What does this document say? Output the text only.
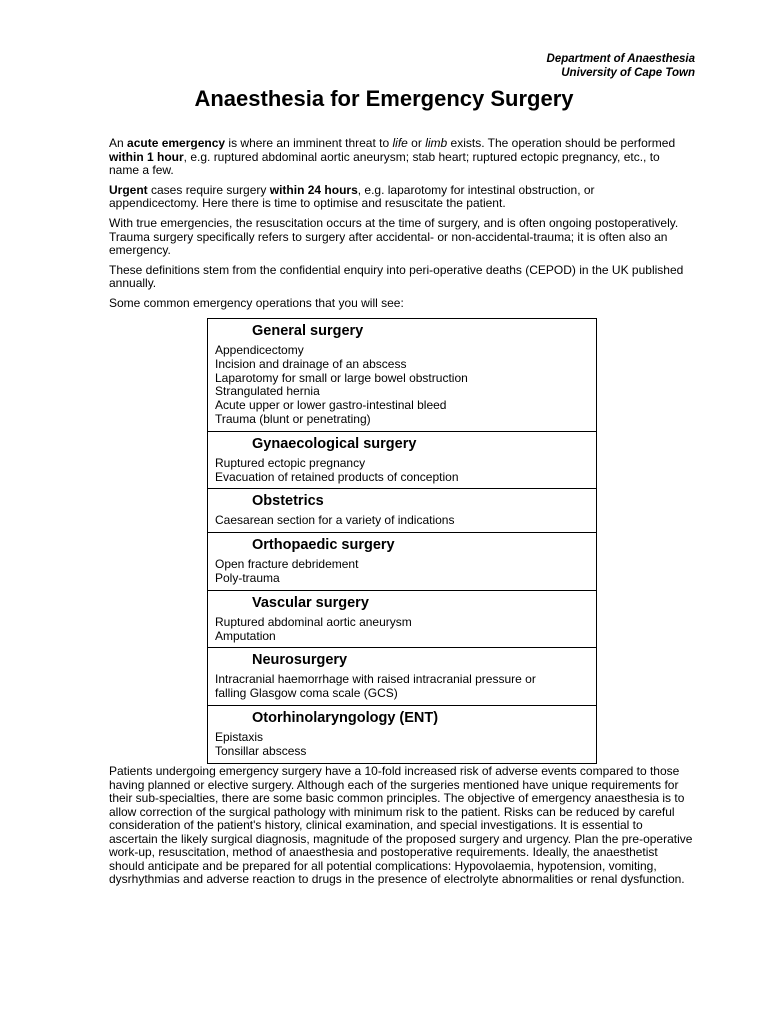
Department of Anaesthesia
University of Cape Town
Anaesthesia for Emergency Surgery

An acute emergency is where an imminent threat to life or limb exists. The operation should be performed within 1 hour, e.g. ruptured abdominal aortic aneurysm; stab heart; ruptured ectopic pregnancy, etc., to name a few.

Urgent cases require surgery within 24 hours, e.g. laparotomy for intestinal obstruction, or appendicectomy. Here there is time to optimise and resuscitate the patient.

With true emergencies, the resuscitation occurs at the time of surgery, and is often ongoing postoperatively. Trauma surgery specifically refers to surgery after accidental- or non-accidental-trauma; it is often also an emergency.

These definitions stem from the confidential enquiry into peri-operative deaths (CEPOD) in the UK published annually.

Some common emergency operations that you will see:

General surgery
Appendicectomy
Incision and drainage of an abscess
Laparotomy for small or large bowel obstruction
Strangulated hernia
Acute upper or lower gastro-intestinal bleed
Trauma (blunt or penetrating)
Gynaecological surgery
Ruptured ectopic pregnancy
Evacuation of retained products of conception
Obstetrics
Caesarean section for a variety of indications
Orthopaedic surgery
Open fracture debridement
Poly-trauma
Vascular surgery
Ruptured abdominal aortic aneurysm
Amputation
Neurosurgery
Intracranial haemorrhage with raised intracranial pressure or
falling Glasgow coma scale (GCS)
Otorhinolaryngology (ENT)
Epistaxis
Tonsillar abscess

Patients undergoing emergency surgery have a 10-fold increased risk of adverse events compared to those having planned or elective surgery. Although each of the surgeries mentioned have unique requirements for their sub-specialties, there are some basic common principles. The objective of emergency anaesthesia is to allow correction of the surgical pathology with minimum risk to the patient. Risks can be reduced by careful consideration of the patient's history, clinical examination, and special investigations. It is essential to ascertain the likely surgical diagnosis, magnitude of the proposed surgery and urgency. Plan the pre-operative work-up, resuscitation, method of anaesthesia and postoperative requirements. Ideally, the anaesthetist should anticipate and be prepared for all potential complications: Hypovolaemia, hypotension, vomiting, dysrhythmias and adverse reaction to drugs in the presence of electrolyte abnormalities or renal dysfunction.
